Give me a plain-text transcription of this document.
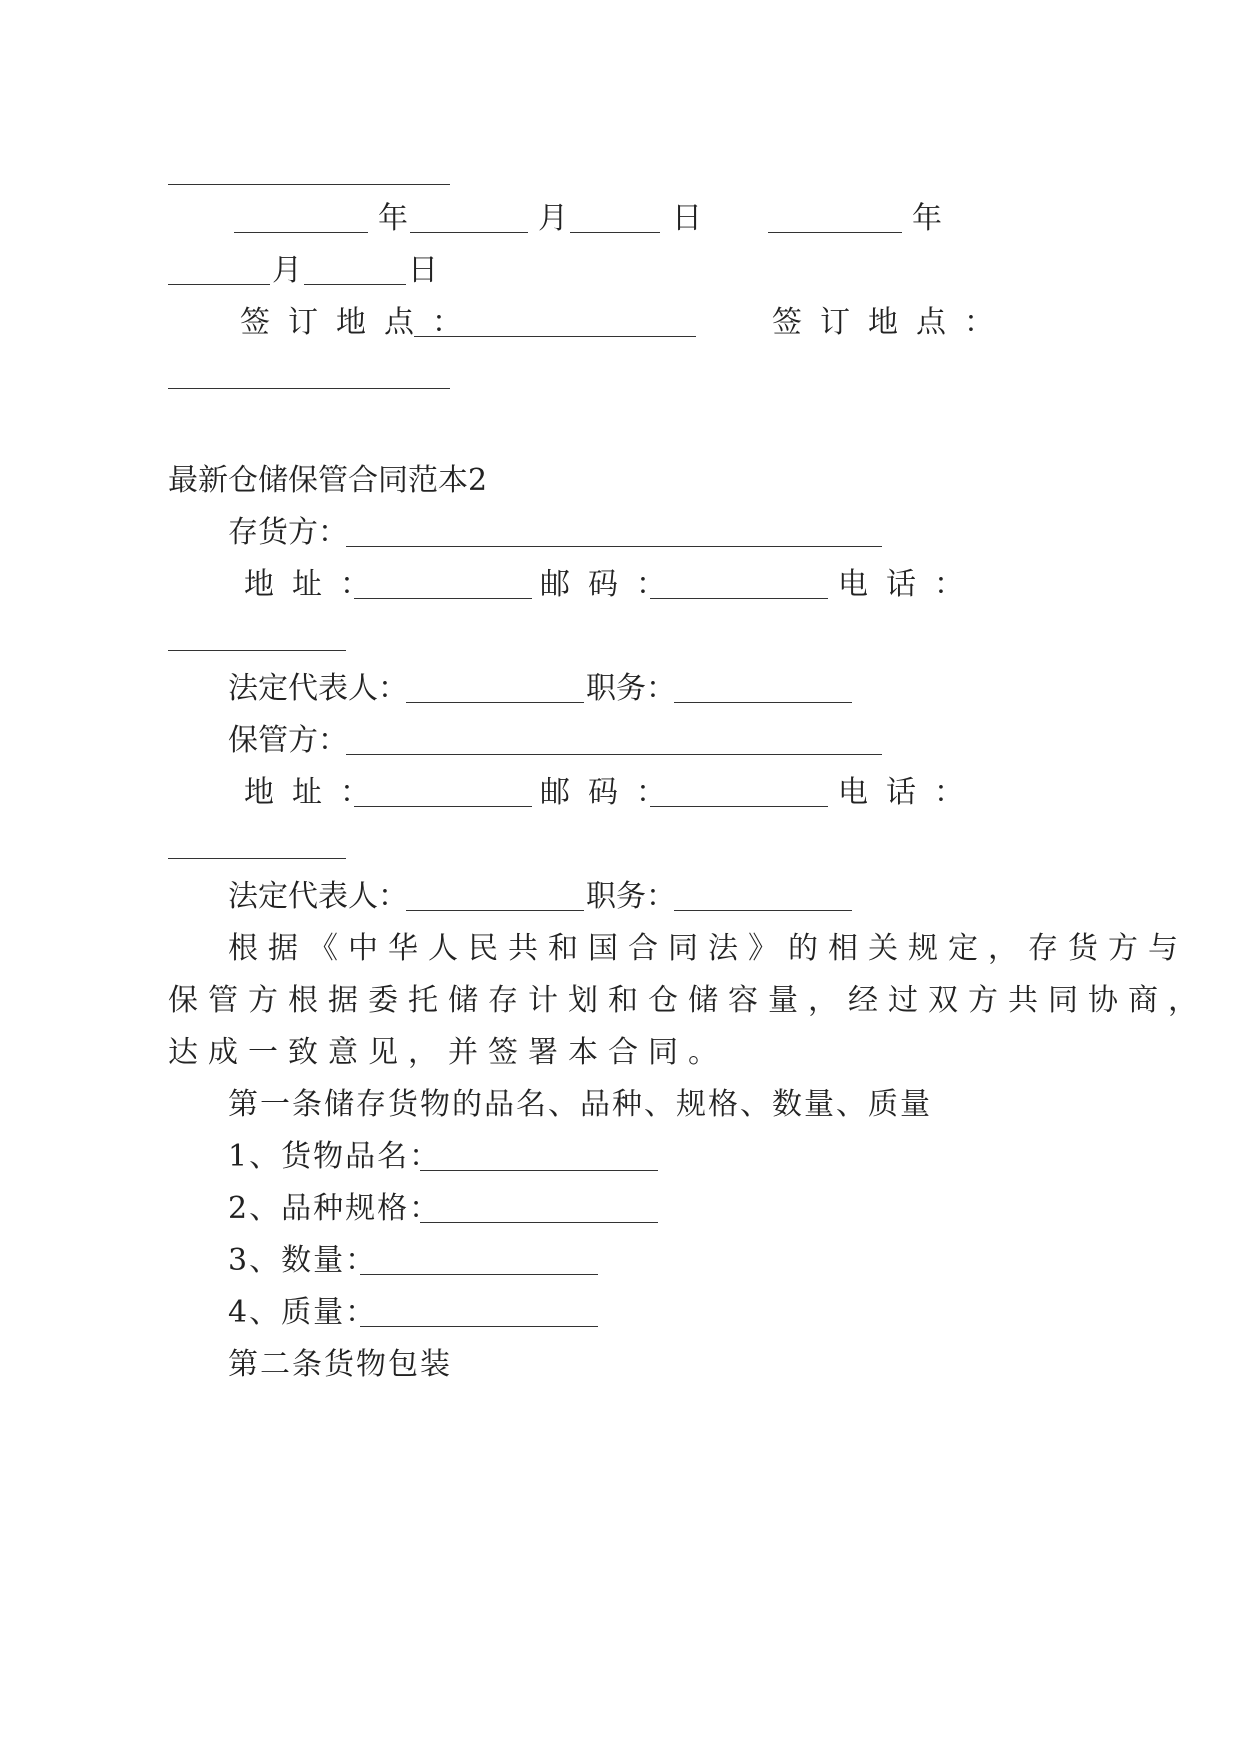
年	月	日	年
月	日
签订地点：	签订地点：
最新仓储保管合同范本2
存货方：
地址：	邮码：	电话：
法定代表人：	职务：
保管方：
地址：	邮码：	电话：
法定代表人：	职务：
根据《中华人民共和国合同法》的相关规定，存货方与
保管方根据委托储存计划和仓储容量，经过双方共同协商，
达成一致意见，并签署本合同。
第一条储存货物的品名、品种、规格、数量、质量
1、货物品名：
2、品种规格：
3、数量：
4、质量：
第二条货物包装
